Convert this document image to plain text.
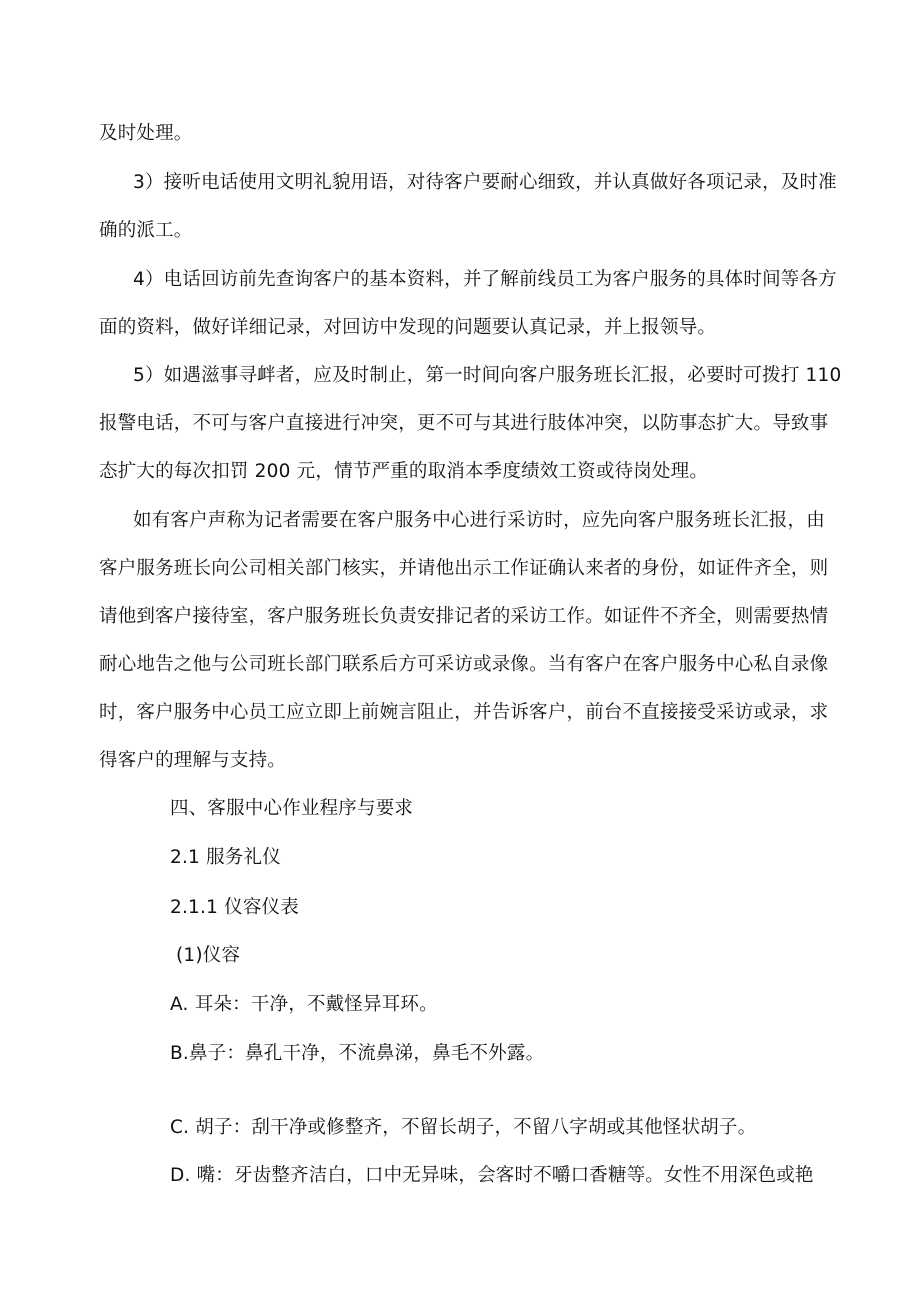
及时处理。
3）接听电话使用文明礼貌用语，对待客户要耐心细致，并认真做好各项记录，及时准
确的派工。
4）电话回访前先查询客户的基本资料，并了解前线员工为客户服务的具体时间等各方
面的资料，做好详细记录，对回访中发现的问题要认真记录，并上报领导。
5）如遇滋事寻衅者，应及时制止，第一时间向客户服务班长汇报，必要时可拨打 110
报警电话，不可与客户直接进行冲突，更不可与其进行肢体冲突，以防事态扩大。导致事
态扩大的每次扣罚 200 元，情节严重的取消本季度绩效工资或待岗处理。
如有客户声称为记者需要在客户服务中心进行采访时，应先向客户服务班长汇报，由
客户服务班长向公司相关部门核实，并请他出示工作证确认来者的身份，如证件齐全，则
请他到客户接待室，客户服务班长负责安排记者的采访工作。如证件不齐全，则需要热情
耐心地告之他与公司班长部门联系后方可采访或录像。当有客户在客户服务中心私自录像
时，客户服务中心员工应立即上前婉言阻止，并告诉客户，前台不直接接受采访或录，求
得客户的理解与支持。
四、客服中心作业程序与要求
2.1 服务礼仪
2.1.1 仪容仪表
(1)仪容
A. 耳朵：干净，不戴怪异耳环。
B.鼻子：鼻孔干净，不流鼻涕，鼻毛不外露。
C. 胡子：刮干净或修整齐，不留长胡子，不留八字胡或其他怪状胡子。
D. 嘴：牙齿整齐洁白，口中无异味，会客时不嚼口香糖等。女性不用深色或艳
